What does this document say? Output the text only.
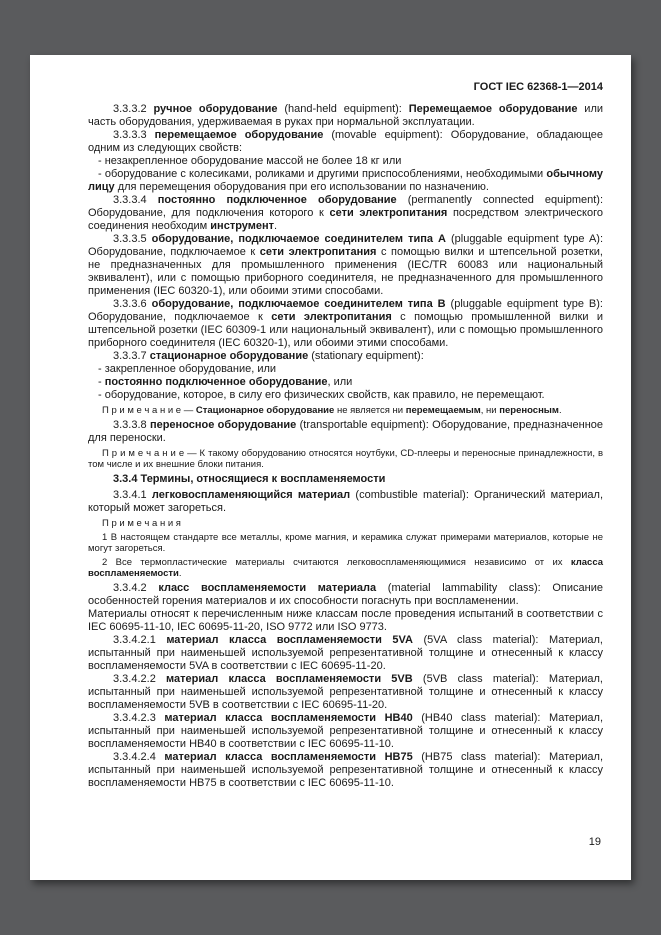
ГОСТ IEC 62368-1—2014
3.3.3.2 ручное оборудование (hand-held equipment): Перемещаемое оборудование или часть оборудования, удерживаемая в руках при нормальной эксплуатации.
3.3.3.3 перемещаемое оборудование (movable equipment): Оборудование, обладающее одним из следующих свойств:
- незакрепленное оборудование массой не более 18 кг или
- оборудование с колесиками, роликами и другими приспособлениями, необходимыми обычному лицу для перемещения оборудования при его использовании по назначению.
3.3.3.4 постоянно подключенное оборудование (permanently connected equipment): Оборудование, для подключения которого к сети электропитания посредством электрического соединения необходим инструмент.
3.3.3.5 оборудование, подключаемое соединителем типа А (pluggable equipment type A): Оборудование, подключаемое к сети электропитания с помощью вилки и штепсельной розетки, не предназначенных для промышленного применения (IEC/TR 60083 или национальный эквивалент), или с помощью приборного соединителя, не предназначенного для промышленного применения (IEC 60320-1), или обоими этими способами.
3.3.3.6 оборудование, подключаемое соединителем типа В (pluggable equipment type B): Оборудование, подключаемое к сети электропитания с помощью промышленной вилки и штепсельной розетки (IEC 60309-1 или национальный эквивалент), или с помощью промышленного приборного соединителя (IEC 60320-1), или обоими этими способами.
3.3.3.7 стационарное оборудование (stationary equipment):
- закрепленное оборудование, или
- постоянно подключенное оборудование, или
- оборудование, которое, в силу его физических свойств, как правило, не перемещают.
П р и м е ч а н и е — Стационарное оборудование не является ни перемещаемым, ни переносным.
3.3.3.8 переносное оборудование (transportable equipment): Оборудование, предназначенное для переноски.
П р и м е ч а н и е — К такому оборудованию относятся ноутбуки, CD-плееры и переносные принадлежности, в том числе и их внешние блоки питания.
3.3.4 Термины, относящиеся к воспламеняемости
3.3.4.1 легковоспламеняющийся материал (combustible material): Органический материал, который может загореться.
П р и м е ч а н и я
1 В настоящем стандарте все металлы, кроме магния, и керамика служат примерами материалов, которые не могут загореться.
2 Все термопластические материалы считаются легковоспламеняющимися независимо от их класса воспламеняемости.
3.3.4.2 класс воспламеняемости материала (material lammability class): Описание особенностей горения материалов и их способности погаснуть при воспламенении.
Материалы относят к перечисленным ниже классам после проведения испытаний в соответствии с IEC 60695-11-10, IEC 60695-11-20, ISO 9772 или ISO 9773.
3.3.4.2.1 материал класса воспламеняемости 5VA (5VA class material): Материал, испытанный при наименьшей используемой репрезентативной толщине и отнесенный к классу воспламеняемости 5VA в соответствии с IEC 60695-11-20.
3.3.4.2.2 материал класса воспламеняемости 5VB (5VB class material): Материал, испытанный при наименьшей используемой репрезентативной толщине и отнесенный к классу воспламеняемости 5VB в соответствии с IEC 60695-11-20.
3.3.4.2.3 материал класса воспламеняемости HB40 (HB40 class material): Материал, испытанный при наименьшей используемой репрезентативной толщине и отнесенный к классу воспламеняемости HB40 в соответствии с IEC 60695-11-10.
3.3.4.2.4 материал класса воспламеняемости HB75 (HB75 class material): Материал, испытанный при наименьшей используемой репрезентативной толщине и отнесенный к классу воспламеняемости HB75 в соответствии с IEC 60695-11-10.
19
